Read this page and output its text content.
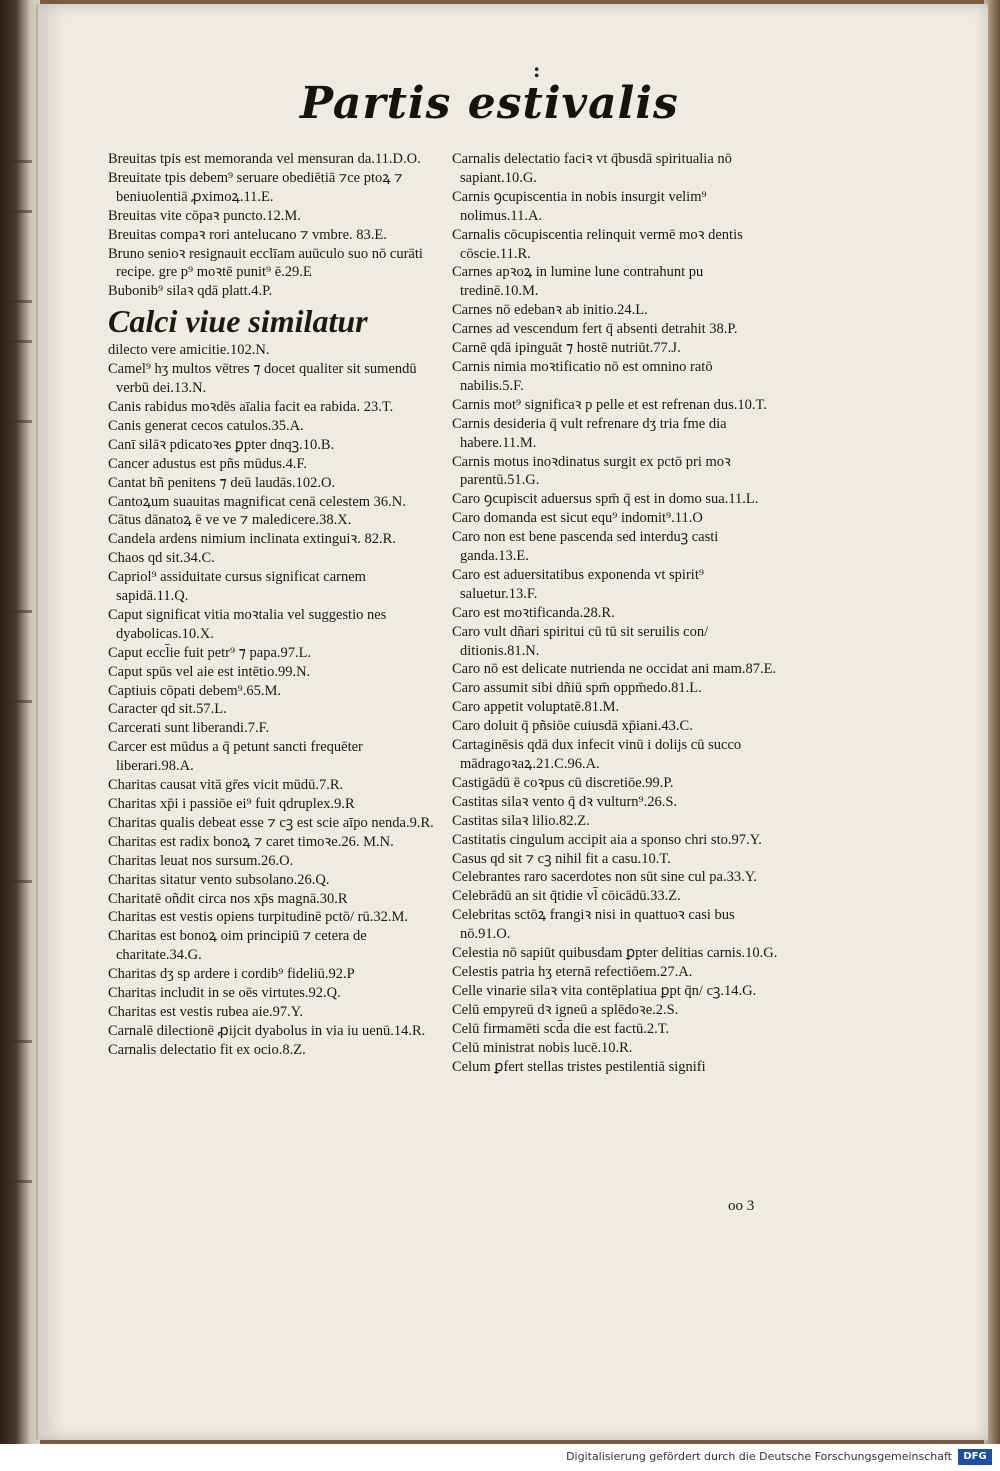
:
Partis estivalis

Breuitas tpis est memoranda vel mensuran da.11.D.O.

Breuitate tpis debem⁹ seruare obediētiā ⁊ce ptoꝝ ⁊ beniuolentiā ꝓximoꝝ.11.E.

Breuitas vite cōpaꝛ puncto.12.M.

Breuitas compaꝛ rori antelucano ⁊ vmbre. 83.E.

Bruno senioꝛ resignauit ecclīam auūculo suo nō curāti recipe. gre p⁹ moꝛtē punit⁹ ē.29.E

Bubonib⁹ silaꝛ qdā platt.4.P.

Calci viue similatur

dilecto vere amicitie.102.N.

Camel⁹ hʒ multos vētres ⁊ docet qualiter sit sumendū verbū dei.13.N.

Canis rabidus moꝛdēs aīalia facit ea rabida. 23.T.

Canis generat cecos catulos.35.A.

Canī silāꝛ pdicatoꝛes ꝑpter dnqꝫ.10.B.

Cancer adustus est pñs mūdus.4.F.

Cantat bñ penitens ⁊ deū laudās.102.O.

Cantoꝝum suauitas magnificat cenā celestem 36.N.

Cātus dānatoꝝ ē ve ve ⁊ maledicere.38.X.

Candela ardens nimium inclinata extinguiꝛ. 82.R.

Chaos qd sit.34.C.

Capriol⁹ assiduitate cursus significat carnem sapidā.11.Q.

Caput significat vitia moꝛtalia vel suggestio nes dyabolicas.10.X.

Caput eccl̄ie fuit petr⁹ ⁊ papa.97.L.

Caput spūs vel aie est intētio.99.N.

Captiuis cōpati debem⁹.65.M.

Caracter qd sit.57.L.

Carcerati sunt liberandi.7.F.

Carcer est mūdus a q̄ petunt sancti frequēter liberari.98.A.

Charitas causat vitā gr̄es vicit mūdū.7.R.

Charitas xp̄i i passiōe ei⁹ fuit qdruplex.9.R

Charitas qualis debeat esse ⁊ cꝫ est scie aīpo nenda.9.R.

Charitas est radix bonoꝝ ⁊ caret timoꝛe.26. M.N.

Charitas leuat nos sursum.26.O.

Charitas sitatur vento subsolano.26.Q.

Charitatē oñdit circa nos xp̄s magnā.30.R

Charitas est vestis opiens turpitudinē pctō/ rū.32.M.

Charitas est bonoꝝ oim principiū ⁊ cetera de charitate.34.G.

Charitas dʒ sp ardere i cordib⁹ fideliū.92.P

Charitas includit in se oēs virtutes.92.Q.

Charitas est vestis rubea aie.97.Y.

Carnalē dilectionē ꝓijcit dyabolus in via iu uenū.14.R.

Carnalis delectatio fit ex ocio.8.Z.

Carnalis delectatio faciꝛ vt q̄busdā spiritualia nō sapiant.10.G.

Carnis ꝯcupiscentia in nobis insurgit velim⁹ nolimus.11.A.

Carnalis cōcupiscentia relinquit vermē moꝛ dentis cōscie.11.R.

Carnes apꝛoꝝ in lumine lune contrahunt pu tredinē.10.M.

Carnes nō edebanꝛ ab initio.24.L.

Carnes ad vescendum fert q̄ absenti detrahit 38.P.

Carnē qdā ipinguāt ⁊ hostē nutriūt.77.J.

Carnis nimia moꝛtificatio nō est omnino ratō nabilis.5.F.

Carnis mot⁹ significaꝛ p pelle et est refrenan dus.10.T.

Carnis desideria q̄ vult refrenare dʒ tria fme dia habere.11.M.

Carnis motus inoꝛdinatus surgit ex pctō pri moꝛ parentū.51.G.

Caro ꝯcupiscit aduersus spm̄ q̄ est in domo sua.11.L.

Caro domanda est sicut equ⁹ indomit⁹.11.O

Caro non est bene pascenda sed interduꝫ casti ganda.13.E.

Caro est aduersitatibus exponenda vt spirit⁹ saluetur.13.F.

Caro est moꝛtificanda.28.R.

Caro vult dñari spiritui cū tū sit seruilis con/ ditionis.81.N.

Caro nō est delicate nutrienda ne occidat ani mam.87.E.

Caro assumit sibi dñiū spm̄ oppm̄edo.81.L.

Caro appetit voluptatē.81.M.

Caro doluit q̄ pñsiōe cuiusdā xp̄iani.43.C.

Cartaginēsis qdā dux infecit vinū i dolijs cū succo mādragoꝛaꝝ.21.C.96.A.

Castigādū ē coꝛpus cū discretiōe.99.P.

Castitas silaꝛ vento q̄ dꝛ vulturn⁹.26.S.

Castitas silaꝛ lilio.82.Z.

Castitatis cingulum accipit aia a sponso chri sto.97.Y.

Casus qd sit ⁊ cꝫ nihil fit a casu.10.T.

Celebrantes raro sacerdotes non sūt sine cul pa.33.Y.

Celebrādū an sit q̄tidie vl̄ cōicādū.33.Z.

Celebritas sctōꝝ frangiꝛ nisi in quattuoꝛ casi bus nō.91.O.

Celestia nō sapiūt quibusdam ꝑpter delitias carnis.10.G.

Celestis patria hʒ eternā refectiōem.27.A.

Celle vinarie silaꝛ vita contēplatiua ꝑpt q̄n/ cꝫ.14.G.

Celū empyreū dꝛ igneū a splēdoꝛe.2.S.

Celū firmamēti scd̄a die est factū.2.T.

Celū ministrat nobis lucē.10.R.

Celum ꝑfert stellas tristes pestilentiā signifi

oo 3
Digitalisierung gefördert durch die Deutsche Forschungsgemeinschaft	DFG
